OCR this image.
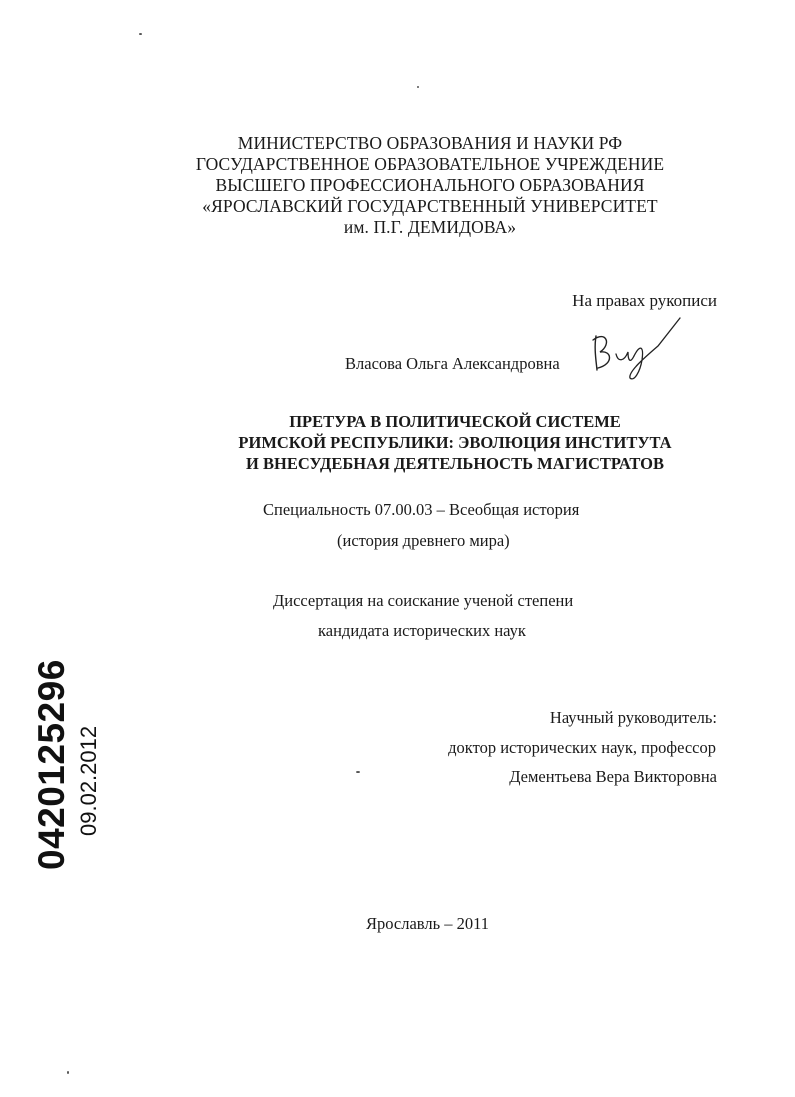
МИНИСТЕРСТВО ОБРАЗОВАНИЯ И НАУКИ РФ
ГОСУДАРСТВЕННОЕ ОБРАЗОВАТЕЛЬНОЕ УЧРЕЖДЕНИЕ
ВЫСШЕГО ПРОФЕССИОНАЛЬНОГО ОБРАЗОВАНИЯ
«ЯРОСЛАВСКИЙ ГОСУДАРСТВЕННЫЙ УНИВЕРСИТЕТ
им. П.Г. ДЕМИДОВА»
На правах рукописи
Власова Ольга Александровна
ПРЕТУРА В ПОЛИТИЧЕСКОЙ СИСТЕМЕ
РИМСКОЙ РЕСПУБЛИКИ: ЭВОЛЮЦИЯ ИНСТИТУТА
И ВНЕСУДЕБНАЯ ДЕЯТЕЛЬНОСТЬ МАГИСТРАТОВ
Специальность 07.00.03 – Всеобщая история
(история древнего мира)
Диссертация на соискание ученой степени
кандидата исторических наук
Научный руководитель:
доктор исторических наук, профессор
Дементьева Вера Викторовна
Ярославль – 2011
0420125296 09.02.2012
